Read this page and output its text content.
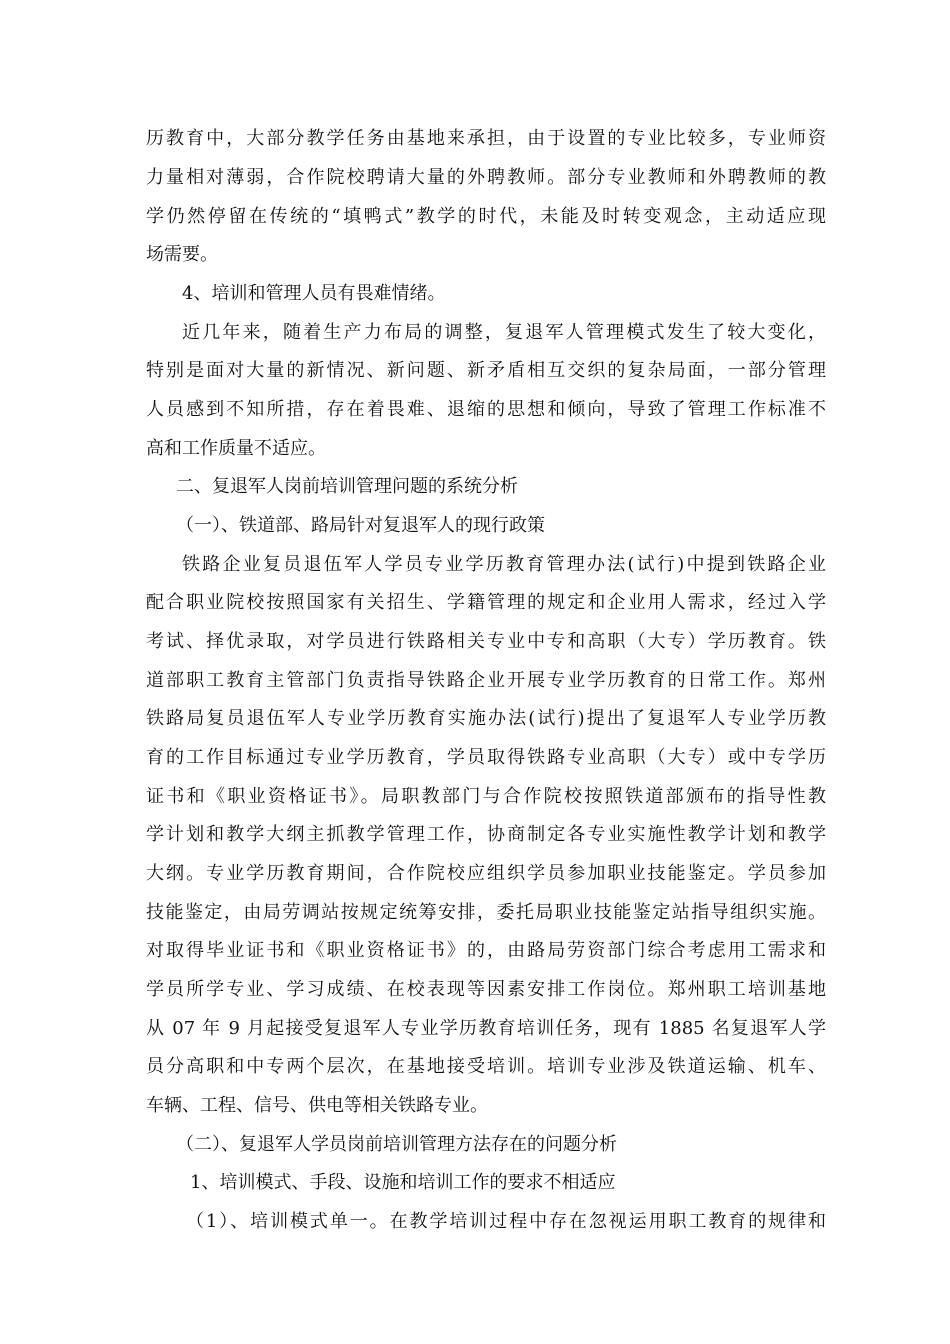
历教育中，大部分教学任务由基地来承担，由于设置的专业比较多，专业师资
力量相对薄弱，合作院校聘请大量的外聘教师。部分专业教师和外聘教师的教
学仍然停留在传统的“填鸭式”教学的时代，未能及时转变观念，主动适应现
场需要。
4、培训和管理人员有畏难情绪。
近几年来，随着生产力布局的调整，复退军人管理模式发生了较大变化，
特别是面对大量的新情况、新问题、新矛盾相互交织的复杂局面，一部分管理
人员感到不知所措，存在着畏难、退缩的思想和倾向，导致了管理工作标准不
高和工作质量不适应。
二、复退军人岗前培训管理问题的系统分析
（一）、铁道部、路局针对复退军人的现行政策
铁路企业复员退伍军人学员专业学历教育管理办法(试行)中提到铁路企业
配合职业院校按照国家有关招生、学籍管理的规定和企业用人需求，经过入学
考试、择优录取，对学员进行铁路相关专业中专和高职（大专）学历教育。铁
道部职工教育主管部门负责指导铁路企业开展专业学历教育的日常工作。郑州
铁路局复员退伍军人专业学历教育实施办法(试行)提出了复退军人专业学历教
育的工作目标通过专业学历教育，学员取得铁路专业高职（大专）或中专学历
证书和《职业资格证书》。局职教部门与合作院校按照铁道部颁布的指导性教
学计划和教学大纲主抓教学管理工作，协商制定各专业实施性教学计划和教学
大纲。专业学历教育期间，合作院校应组织学员参加职业技能鉴定。学员参加
技能鉴定，由局劳调站按规定统筹安排，委托局职业技能鉴定站指导组织实施。
对取得毕业证书和《职业资格证书》的，由路局劳资部门综合考虑用工需求和
学员所学专业、学习成绩、在校表现等因素安排工作岗位。郑州职工培训基地
从 07 年 9 月起接受复退军人专业学历教育培训任务，现有 1885 名复退军人学
员分高职和中专两个层次，在基地接受培训。培训专业涉及铁道运输、机车、
车辆、工程、信号、供电等相关铁路专业。
（二）、复退军人学员岗前培训管理方法存在的问题分析
1、培训模式、手段、设施和培训工作的要求不相适应
（1）、培训模式单一。在教学培训过程中存在忽视运用职工教育的规律和
